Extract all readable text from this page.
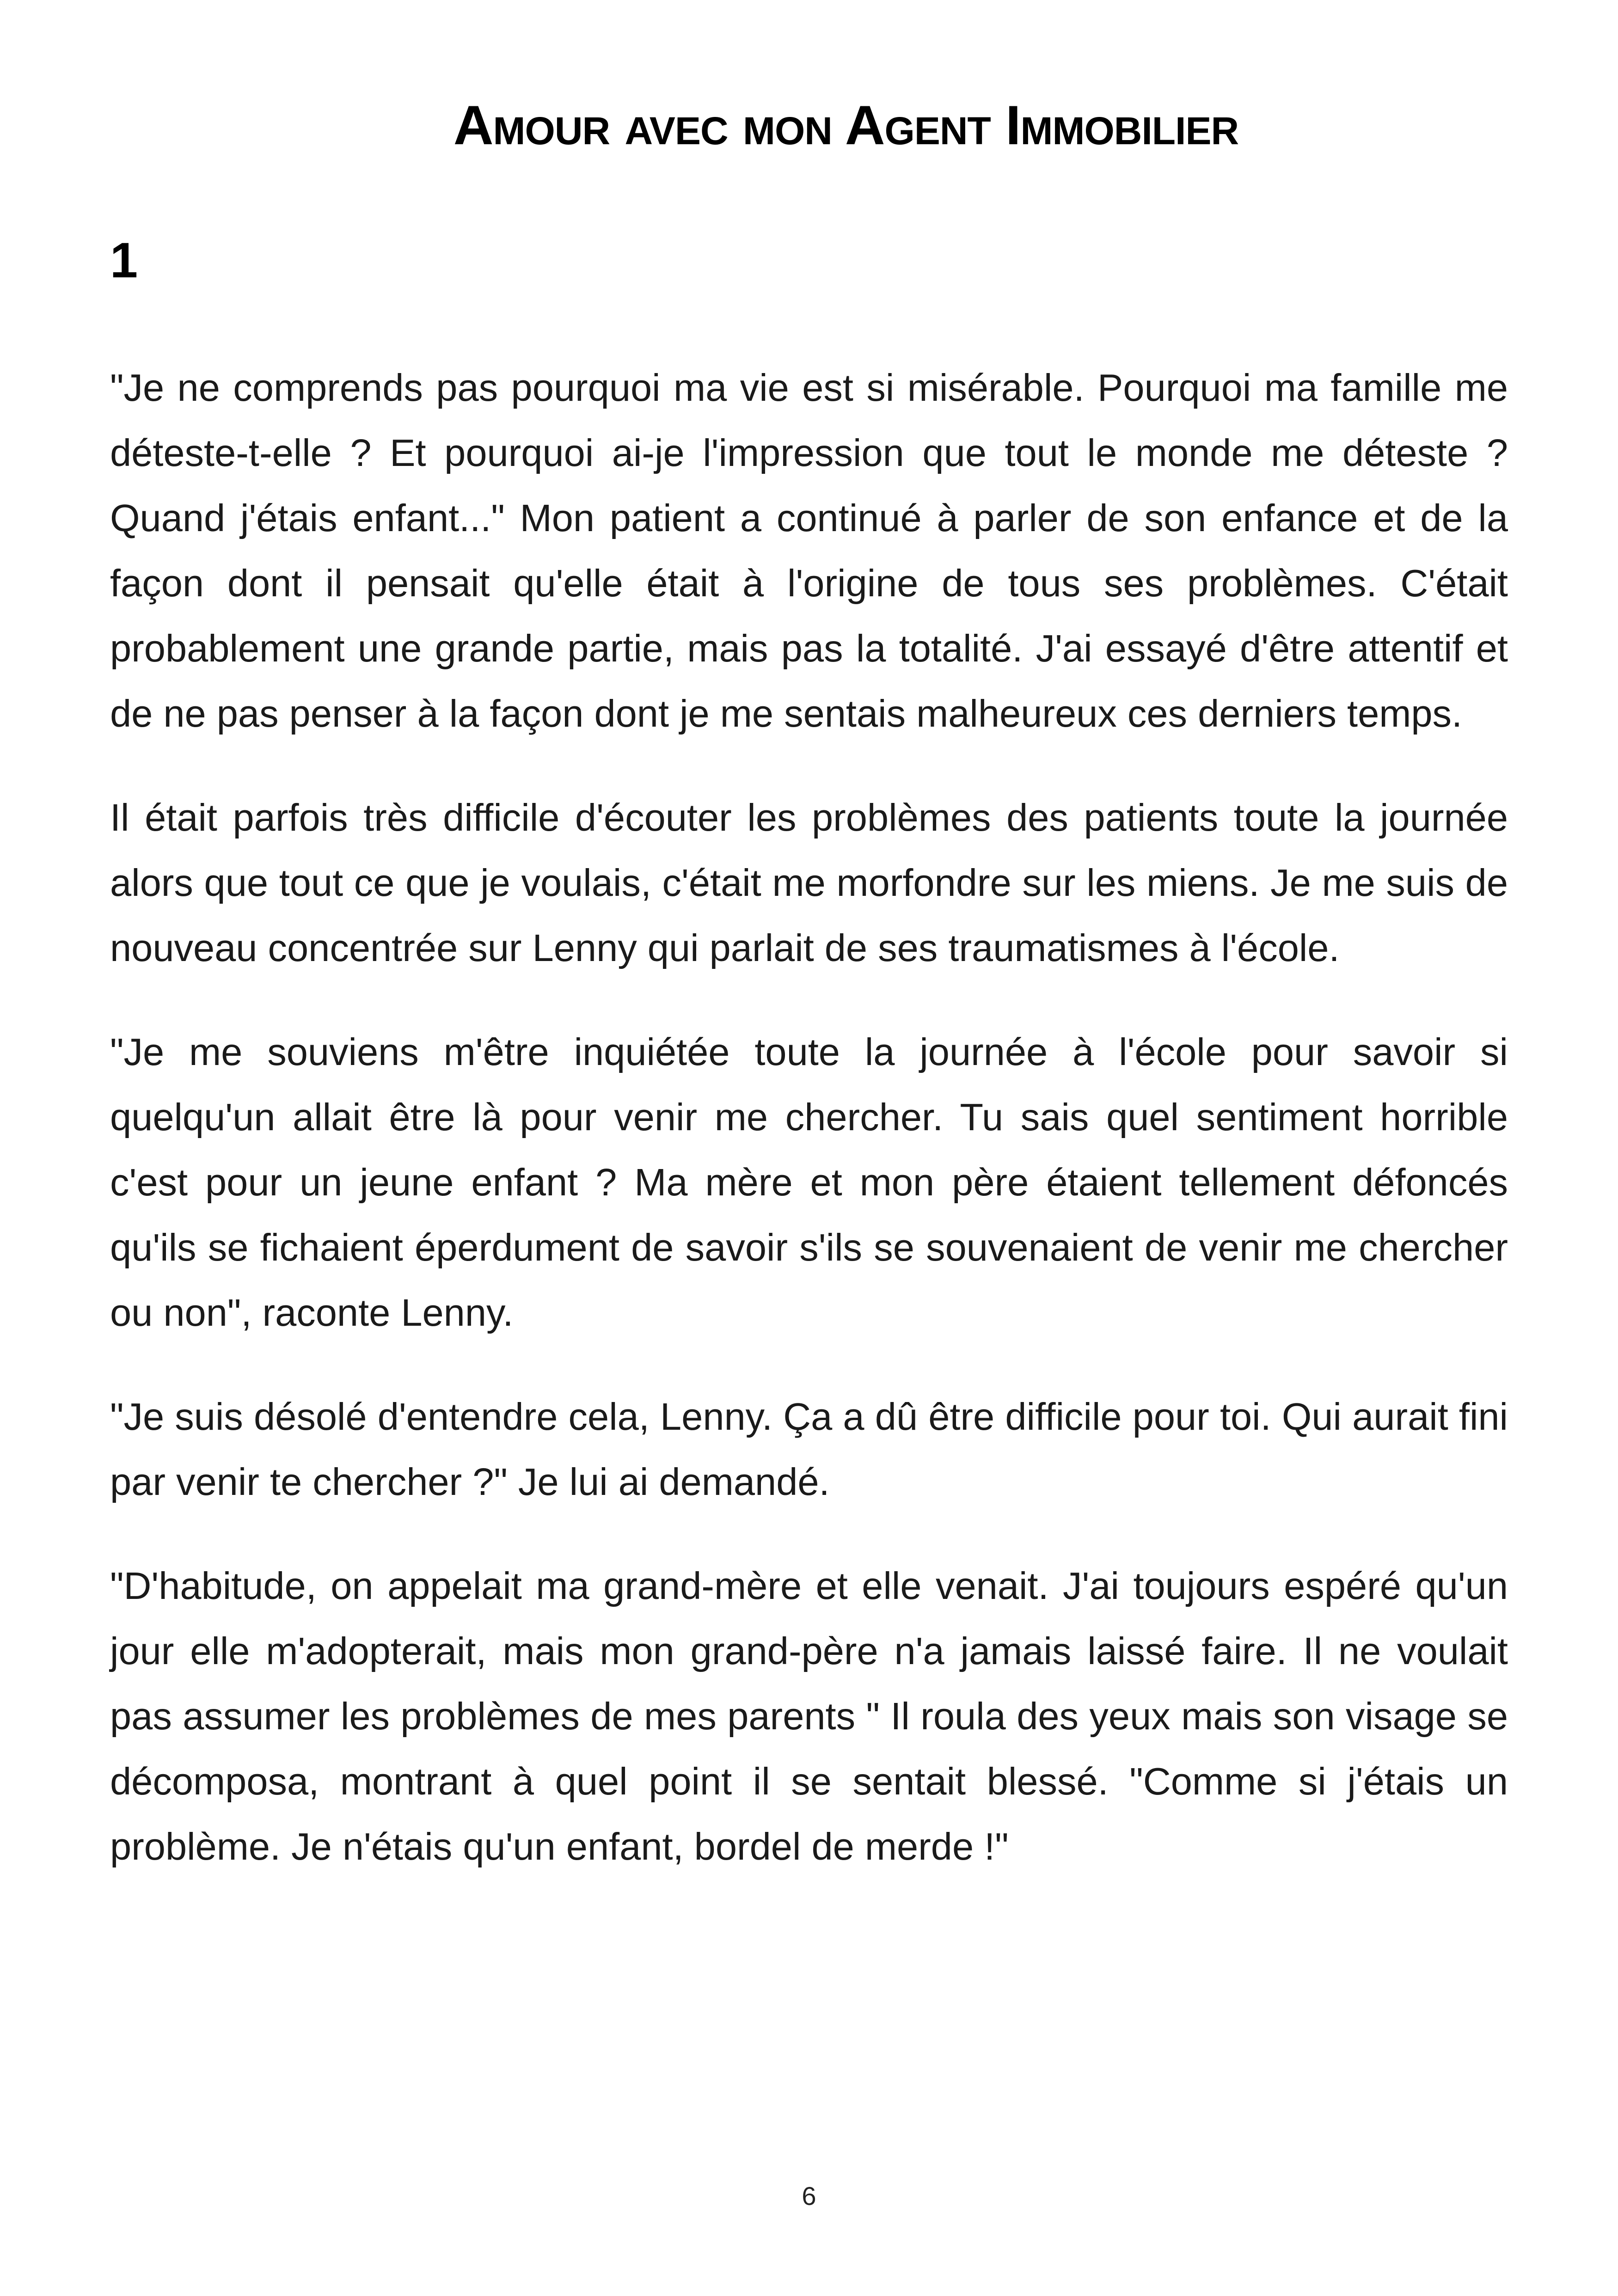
Amour avec mon Agent Immobilier
1

"Je ne comprends pas pourquoi ma vie est si misérable. Pourquoi ma famille me déteste-t-elle ? Et pourquoi ai-je l'impression que tout le monde me déteste ? Quand j'étais enfant..." Mon patient a continué à parler de son enfance et de la façon dont il pensait qu'elle était à l'origine de tous ses problèmes. C'était probablement une grande partie, mais pas la totalité. J'ai essayé d'être attentif et de ne pas penser à la façon dont je me sentais malheureux ces derniers temps.

Il était parfois très difficile d'écouter les problèmes des patients toute la journée alors que tout ce que je voulais, c'était me morfondre sur les miens. Je me suis de nouveau concentrée sur Lenny qui parlait de ses traumatismes à l'école.

"Je me souviens m'être inquiétée toute la journée à l'école pour savoir si quelqu'un allait être là pour venir me chercher. Tu sais quel sentiment horrible c'est pour un jeune enfant ? Ma mère et mon père étaient tellement défoncés qu'ils se fichaient éperdument de savoir s'ils se souvenaient de venir me chercher ou non", raconte Lenny.

"Je suis désolé d'entendre cela, Lenny. Ça a dû être difficile pour toi. Qui aurait fini par venir te chercher ?" Je lui ai demandé.

"D'habitude, on appelait ma grand-mère et elle venait. J'ai toujours espéré qu'un jour elle m'adopterait, mais mon grand-père n'a jamais laissé faire. Il ne voulait pas assumer les problèmes de mes parents " Il roula des yeux mais son visage se décomposa, montrant à quel point il se sentait blessé. "Comme si j'étais un problème. Je n'étais qu'un enfant, bordel de merde !"

6
